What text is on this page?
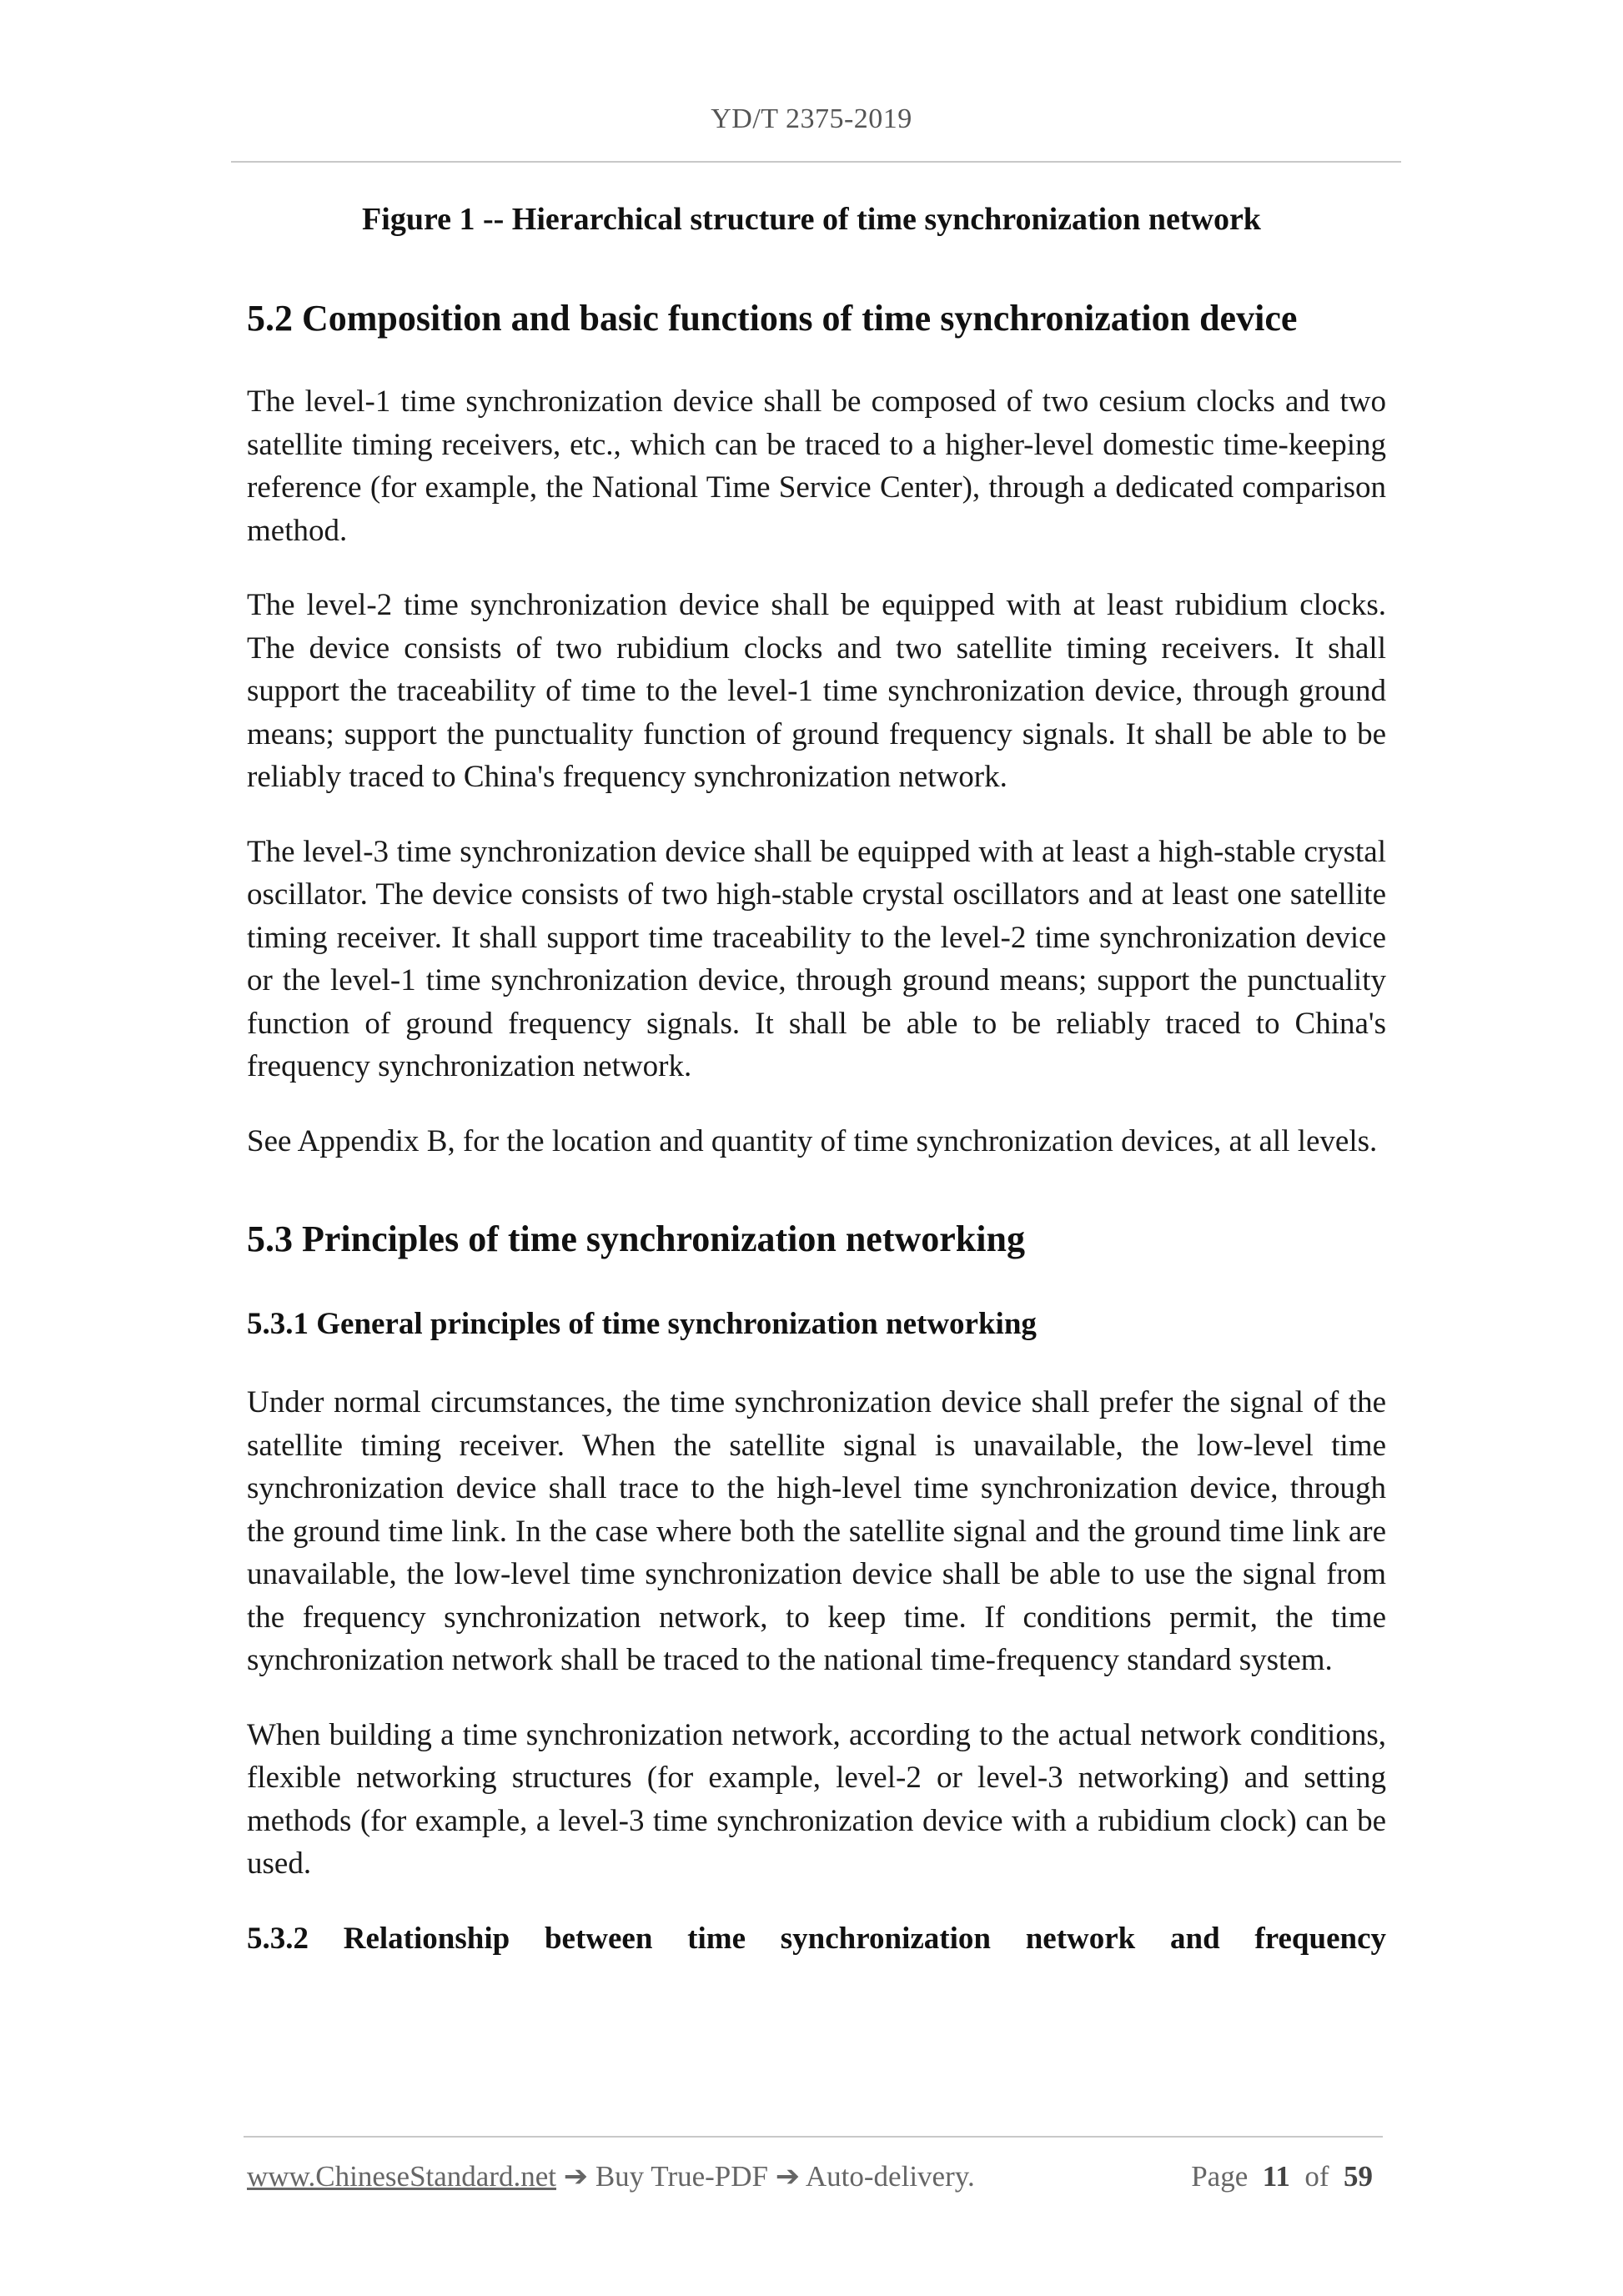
YD/T 2375-2019
Figure 1 -- Hierarchical structure of time synchronization network
5.2 Composition and basic functions of time synchronization device

The level-1 time synchronization device shall be composed of two cesium clocks and two satellite timing receivers, etc., which can be traced to a higher-level domestic time-keeping reference (for example, the National Time Service Center), through a dedicated comparison method.

The level-2 time synchronization device shall be equipped with at least rubidium clocks. The device consists of two rubidium clocks and two satellite timing receivers. It shall support the traceability of time to the level-1 time synchronization device, through ground means; support the punctuality function of ground frequency signals. It shall be able to be reliably traced to China's frequency synchronization network.

The level-3 time synchronization device shall be equipped with at least a high-stable crystal oscillator. The device consists of two high-stable crystal oscillators and at least one satellite timing receiver. It shall support time traceability to the level-2 time synchronization device or the level-1 time synchronization device, through ground means; support the punctuality function of ground frequency signals. It shall be able to be reliably traced to China's frequency synchronization network.

See Appendix B, for the location and quantity of time synchronization devices, at all levels.

5.3 Principles of time synchronization networking
5.3.1 General principles of time synchronization networking

Under normal circumstances, the time synchronization device shall prefer the signal of the satellite timing receiver. When the satellite signal is unavailable, the low-level time synchronization device shall trace to the high-level time synchronization device, through the ground time link. In the case where both the satellite signal and the ground time link are unavailable, the low-level time synchronization device shall be able to use the signal from the frequency synchronization network, to keep time. If conditions permit, the time synchronization network shall be traced to the national time-frequency standard system.

When building a time synchronization network, according to the actual network conditions, flexible networking structures (for example, level-2 or level-3 networking) and setting methods (for example, a level-3 time synchronization device with a rubidium clock) can be used.

5.3.2 Relationship between time synchronization network and frequency
www.ChineseStandard.net ➔ Buy True-PDF ➔ Auto-delivery.	Page 11 of 59
